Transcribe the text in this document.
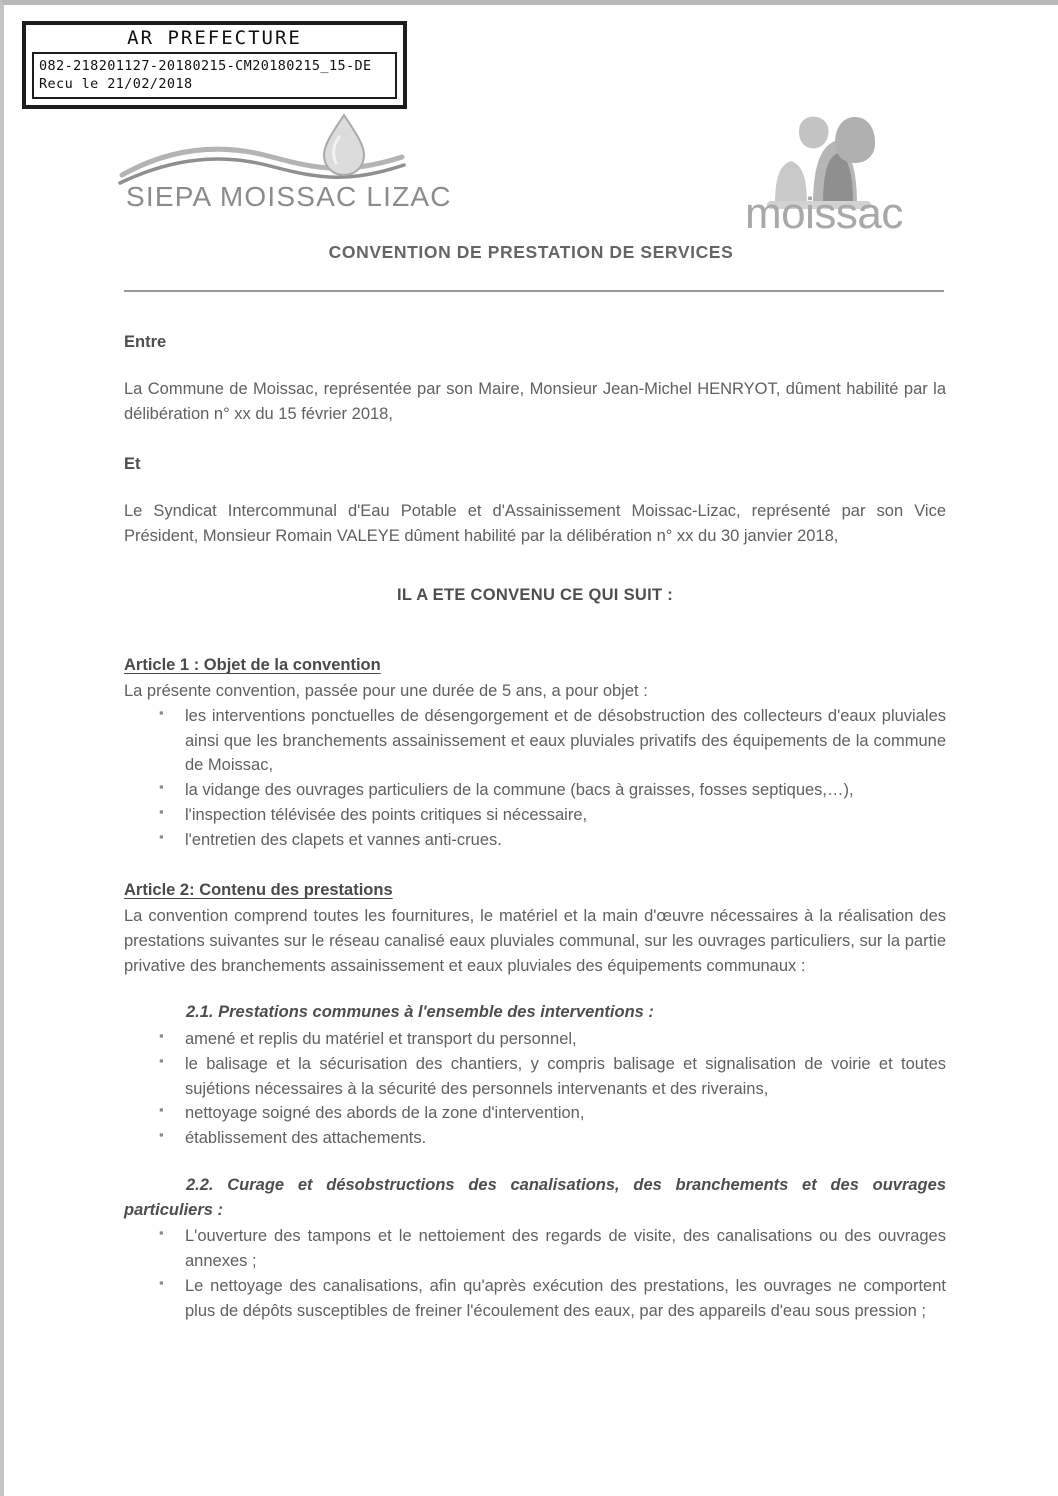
AR PREFECTURE
082-218201127-20180215-CM20180215_15-DE
Recu le 21/02/2018
SIEPA MOISSAC LIZAC	moissac
CONVENTION DE PRESTATION DE SERVICES
Entre

La Commune de Moissac, représentée par son Maire, Monsieur Jean-Michel HENRYOT, dûment habilité par la délibération n° xx du 15 février 2018,

Et

Le Syndicat Intercommunal d'Eau Potable et d'Assainissement Moissac-Lizac, représenté par son Vice Président, Monsieur Romain VALEYE dûment habilité par la délibération n° xx du 30 janvier 2018,

IL A ETE CONVENU CE QUI SUIT :
Article 1 : Objet de la convention
La présente convention, passée pour une durée de 5 ans, a pour objet :
▪ les interventions ponctuelles de désengorgement et de désobstruction des collecteurs d'eaux pluviales ainsi que les branchements assainissement et eaux pluviales privatifs des équipements de la commune de Moissac,
▪ la vidange des ouvrages particuliers de la commune (bacs à graisses, fosses septiques,…),
▪ l'inspection télévisée des points critiques si nécessaire,
▪ l'entretien des clapets et vannes anti-crues.
Article 2: Contenu des prestations

La convention comprend toutes les fournitures, le matériel et la main d'œuvre nécessaires à la réalisation des prestations suivantes sur le réseau canalisé eaux pluviales communal, sur les ouvrages particuliers, sur la partie privative des branchements assainissement et eaux pluviales des équipements communaux :

2.1. Prestations communes à l'ensemble des interventions :
▪ amené et replis du matériel et transport du personnel,
▪ le balisage et la sécurisation des chantiers, y compris balisage et signalisation de voirie et toutes sujétions nécessaires à la sécurité des personnels intervenants et des riverains,
▪ nettoyage soigné des abords de la zone d'intervention,
▪ établissement des attachements.
2.2. Curage et désobstructions des canalisations, des branchements et des ouvrages particuliers :
▪ L'ouverture des tampons et le nettoiement des regards de visite, des canalisations ou des ouvrages annexes ;
▪ Le nettoyage des canalisations, afin qu'après exécution des prestations, les ouvrages ne comportent plus de dépôts susceptibles de freiner l'écoulement des eaux, par des appareils d'eau sous pression ;
